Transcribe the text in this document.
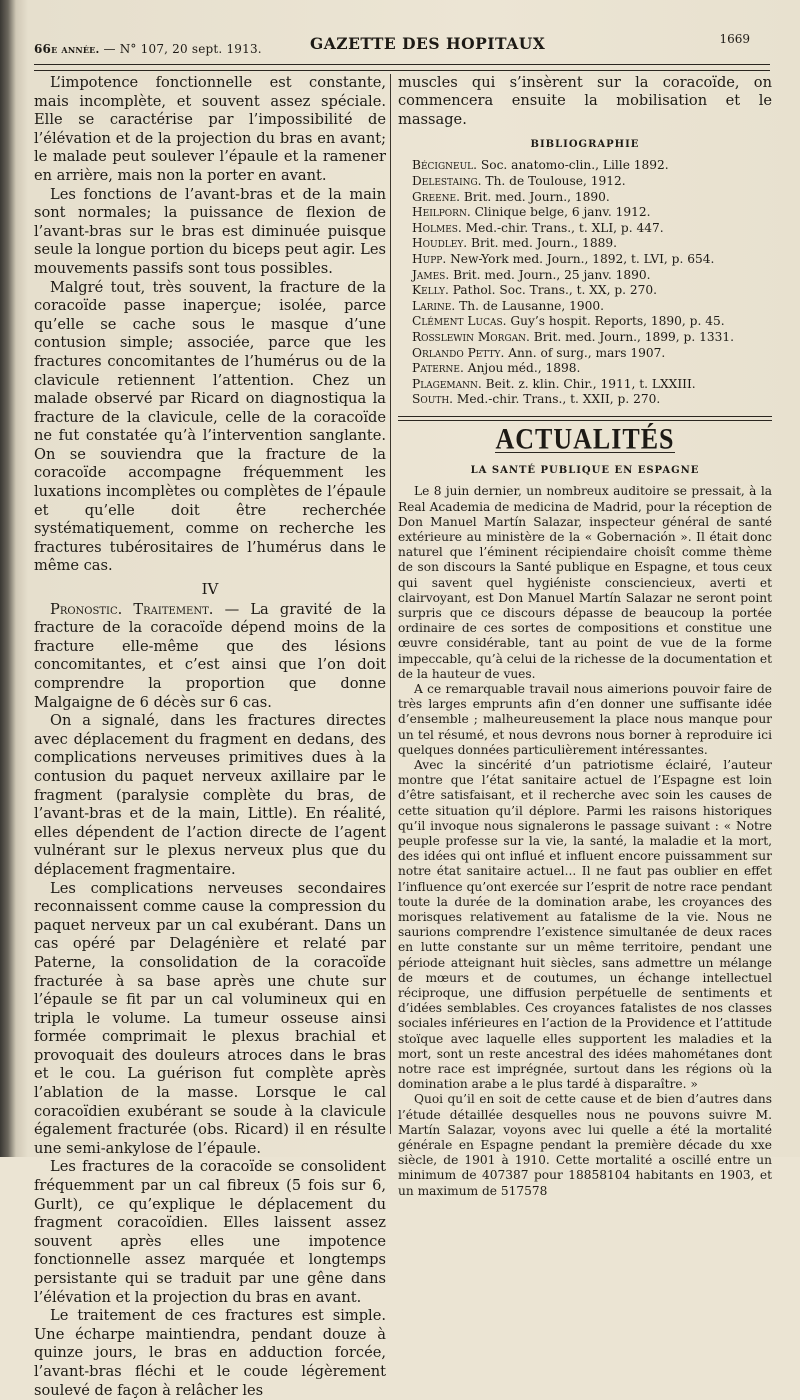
66e année. — N° 107, 20 sept. 1913.	GAZETTE DES HOPITAUX	1669

L’impotence fonctionnelle est constante, mais incomplète, et souvent assez spéciale. Elle se caractérise par l’impossibilité de l’élévation et de la projection du bras en avant; le malade peut soulever l’épaule et la ramener en arrière, mais non la porter en avant.

Les fonctions de l’avant-bras et de la main sont normales; la puissance de flexion de l’avant-bras sur le bras est diminuée puisque seule la longue portion du biceps peut agir. Les mouvements passifs sont tous possibles.

Malgré tout, très souvent, la fracture de la coracoïde passe inaperçue; isolée, parce qu’elle se cache sous le masque d’une contusion simple; associée, parce que les fractures concomitantes de l’humérus ou de la clavicule retiennent l’attention. Chez un malade observé par Ricard on diagnostiqua la fracture de la clavicule, celle de la coracoïde ne fut constatée qu’à l’intervention sanglante. On se souviendra que la fracture de la coracoïde accompagne fréquemment les luxations incomplètes ou complètes de l’épaule et qu’elle doit être recherchée systématiquement, comme on recherche les fractures tubérositaires de l’humérus dans le même cas.

IV

Pronostic. Traitement. — La gravité de la fracture de la coracoïde dépend moins de la fracture elle-même que des lésions concomitantes, et c’est ainsi que l’on doit comprendre la proportion que donne Malgaigne de 6 décès sur 6 cas.

On a signalé, dans les fractures directes avec déplacement du fragment en dedans, des complications nerveuses primitives dues à la contusion du paquet nerveux axillaire par le fragment (paralysie complète du bras, de l’avant-bras et de la main, Little). En réalité, elles dépendent de l’action directe de l’agent vulnérant sur le plexus nerveux plus que du déplacement fragmentaire.

Les complications nerveuses secondaires reconnaissent comme cause la compression du paquet nerveux par un cal exubérant. Dans un cas opéré par Delagénière et relaté par Paterne, la consolidation de la coracoïde fracturée à sa base après une chute sur l’épaule se fit par un cal volumineux qui en tripla le volume. La tumeur osseuse ainsi formée comprimait le plexus brachial et provoquait des douleurs atroces dans le bras et le cou. La guérison fut complète après l’ablation de la masse. Lorsque le cal coracoïdien exubérant se soude à la clavicule également fracturée (obs. Ricard) il en résulte une semi-ankylose de l’épaule.

Les fractures de la coracoïde se consolident fréquemment par un cal fibreux (5 fois sur 6, Gurlt), ce qu’explique le déplacement du fragment coracoïdien. Elles laissent assez souvent après elles une impotence fonctionnelle assez marquée et longtemps persistante qui se traduit par une gêne dans l’élévation et la projection du bras en avant.

Le traitement de ces fractures est simple. Une écharpe maintiendra, pendant douze à quinze jours, le bras en adduction forcée, l’avant-bras fléchi et le coude légèrement soulevé de façon à relâcher les

muscles qui s’insèrent sur la coracoïde, on commencera ensuite la mobilisation et le massage.

BIBLIOGRAPHIE
Bécigneul. Soc. anatomo-clin., Lille 1892.
Delestaing. Th. de Toulouse, 1912.
Greene. Brit. med. Journ., 1890.
Heilporn. Clinique belge, 6 janv. 1912.
Holmes. Med.-chir. Trans., t. XLI, p. 447.
Houdley. Brit. med. Journ., 1889.
Hupp. New-York med. Journ., 1892, t. LVI, p. 654.
James. Brit. med. Journ., 25 janv. 1890.
Kelly. Pathol. Soc. Trans., t. XX, p. 270.
Larine. Th. de Lausanne, 1900.
Clément Lucas. Guy’s hospit. Reports, 1890, p. 45.
Rosslewin Morgan. Brit. med. Journ., 1899, p. 1331.
Orlando Petty. Ann. of surg., mars 1907.
Paterne. Anjou méd., 1898.
Plagemann. Beit. z. klin. Chir., 1911, t. LXXIII.
South. Med.-chir. Trans., t. XXII, p. 270.
ACTUALITÉS
LA SANTÉ PUBLIQUE EN ESPAGNE

Le 8 juin dernier, un nombreux auditoire se pressait, à la Real Academia de medicina de Madrid, pour la réception de Don Manuel Martín Salazar, inspecteur général de santé extérieure au ministère de la « Gobernación ». Il était donc naturel que l’éminent récipiendaire choisît comme thème de son discours la Santé publique en Espagne, et tous ceux qui savent quel hygiéniste consciencieux, averti et clairvoyant, est Don Manuel Martín Salazar ne seront point surpris que ce discours dépasse de beaucoup la portée ordinaire de ces sortes de compositions et constitue une œuvre considérable, tant au point de vue de la forme impeccable, qu’à celui de la richesse de la documentation et de la hauteur de vues.

A ce remarquable travail nous aimerions pouvoir faire de très larges emprunts afin d’en donner une suffisante idée d’ensemble ; malheureusement la place nous manque pour un tel résumé, et nous devrons nous borner à reproduire ici quelques données particulièrement intéressantes.

Avec la sincérité d’un patriotisme éclairé, l’auteur montre que l’état sanitaire actuel de l’Espagne est loin d’être satisfaisant, et il recherche avec soin les causes de cette situation qu’il déplore. Parmi les raisons historiques qu’il invoque nous signalerons le passage suivant : « Notre peuple professe sur la vie, la santé, la maladie et la mort, des idées qui ont influé et influent encore puissamment sur notre état sanitaire actuel... Il ne faut pas oublier en effet l’influence qu’ont exercée sur l’esprit de notre race pendant toute la durée de la domination arabe, les croyances des morisques relativement au fatalisme de la vie. Nous ne saurions comprendre l’existence simultanée de deux races en lutte constante sur un même territoire, pendant une période atteignant huit siècles, sans admettre un mélange de mœurs et de coutumes, un échange intellectuel réciproque, une diffusion perpétuelle de sentiments et d’idées semblables. Ces croyances fatalistes de nos classes sociales inférieures en l’action de la Providence et l’attitude stoïque avec laquelle elles supportent les maladies et la mort, sont un reste ancestral des idées mahométanes dont notre race est imprégnée, surtout dans les régions où la domination arabe a le plus tardé à disparaître. »

Quoi qu’il en soit de cette cause et de bien d’autres dans l’étude détaillée desquelles nous ne pouvons suivre M. Martín Salazar, voyons avec lui quelle a été la mortalité générale en Espagne pendant la première décade du xxe siècle, de 1901 à 1910. Cette mortalité a oscillé entre un minimum de 407387 pour 18858104 habitants en 1903, et un maximum de 517578
